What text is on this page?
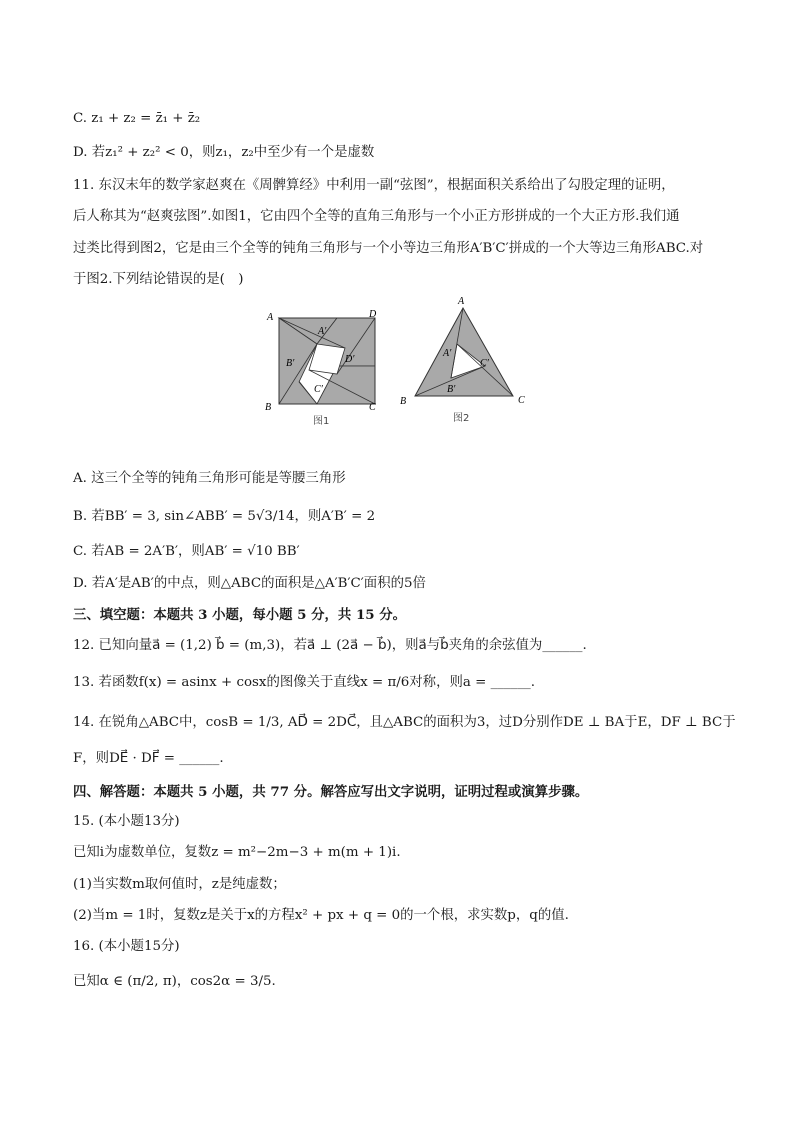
C. z₁ + z₂ = z̄₁ + z̄₂
D. 若z₁² + z₂² < 0，则z₁，z₂中至少有一个是虚数
11. 东汉末年的数学家赵爽在《周髀算经》中利用一副“弦图”，根据面积关系给出了勾股定理的证明，
后人称其为“赵爽弦图”.如图1，它由四个全等的直角三角形与一个小正方形拼成的一个大正方形.我们通
过类比得到图2，它是由三个全等的钝角三角形与一个小等边三角形A′B′C′拼成的一个大等边三角形ABC.对
于图2.下列结论错误的是(　)
A	D
B	C
A′
B′
C′
D′
图1
A
B	C
A′
B′
C′
图2
A. 这三个全等的钝角三角形可能是等腰三角形
B. 若BB′ = 3, sin∠ABB′ = 5√3/14，则A′B′ = 2
C. 若AB = 2A′B′，则AB′ = √10 BB′
D. 若A′是AB′的中点，则△ABC的面积是△A′B′C′面积的5倍
三、填空题：本题共 3 小题，每小题 5 分，共 15 分。
12. 已知向量a⃗ = (1,2) b⃗ = (m,3)，若a⃗ ⊥ (2a⃗ − b⃗)，则a⃗与b⃗夹角的余弦值为______.
13. 若函数f(x) = asinx + cosx的图像关于直线x = π/6对称，则a = ______.
14. 在锐角△ABC中，cosB = 1/3, AD⃗ = 2DC⃗，且△ABC的面积为3，过D分别作DE ⊥ BA于E，DF ⊥ BC于
F，则DE⃗ · DF⃗ = ______.
四、解答题：本题共 5 小题，共 77 分。解答应写出文字说明，证明过程或演算步骤。
15. (本小题13分)
已知i为虚数单位，复数z = m²−2m−3 + m(m + 1)i.
(1)当实数m取何值时，z是纯虚数；
(2)当m = 1时，复数z是关于x的方程x² + px + q = 0的一个根，求实数p，q的值.
16. (本小题15分)
已知α ∈ (π/2, π)，cos2α = 3/5.
